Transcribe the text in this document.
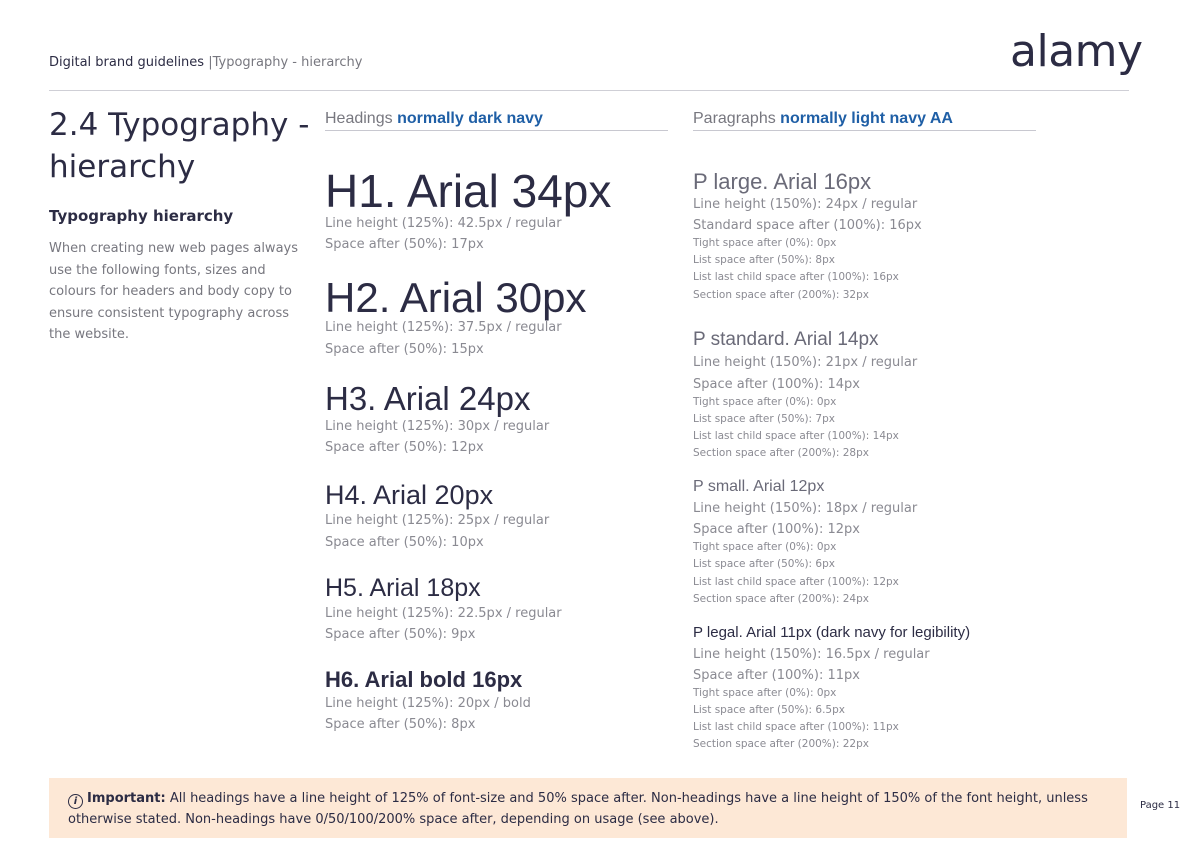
Digital brand guidelines |Typography - hierarchy	alamy
2.4 Typography - hierarchy
Typography hierarchy
When creating new web pages always use the following fonts, sizes and colours for headers and body copy to ensure consistent typography across the website.
Headings normally dark navy
H1. Arial 34px
Line height (125%): 42.5px / regular
Space after (50%): 17px
H2. Arial 30px
Line height (125%): 37.5px / regular
Space after (50%): 15px
H3. Arial 24px
Line height (125%): 30px / regular
Space after (50%): 12px
H4. Arial 20px
Line height (125%): 25px / regular
Space after (50%): 10px
H5. Arial 18px
Line height (125%): 22.5px / regular
Space after (50%): 9px
H6. Arial bold 16px
Line height (125%): 20px / bold
Space after (50%): 8px
Paragraphs normally light navy AA
P large. Arial 16px
Line height (150%): 24px / regular
Standard space after (100%): 16px
Tight space after (0%): 0px
List space after (50%): 8px
List last child space after (100%): 16px
Section space after (200%): 32px
P standard. Arial 14px
Line height (150%): 21px / regular
Space after (100%): 14px
Tight space after (0%): 0px
List space after (50%): 7px
List last child space after (100%): 14px
Section space after (200%): 28px
P small. Arial 12px
Line height (150%): 18px / regular
Space after (100%): 12px
Tight space after (0%): 0px
List space after (50%): 6px
List last child space after (100%): 12px
Section space after (200%): 24px
P legal. Arial 11px (dark navy for legibility)
Line height (150%): 16.5px / regular
Space after (100%): 11px
Tight space after (0%): 0px
List space after (50%): 6.5px
List last child space after (100%): 11px
Section space after (200%): 22px
i Important: All headings have a line height of 125% of font-size and 50% space after. Non-headings have a line height of 150% of the font height, unless otherwise stated. Non-headings have 0/50/100/200% space after, depending on usage (see above).
Page 11
